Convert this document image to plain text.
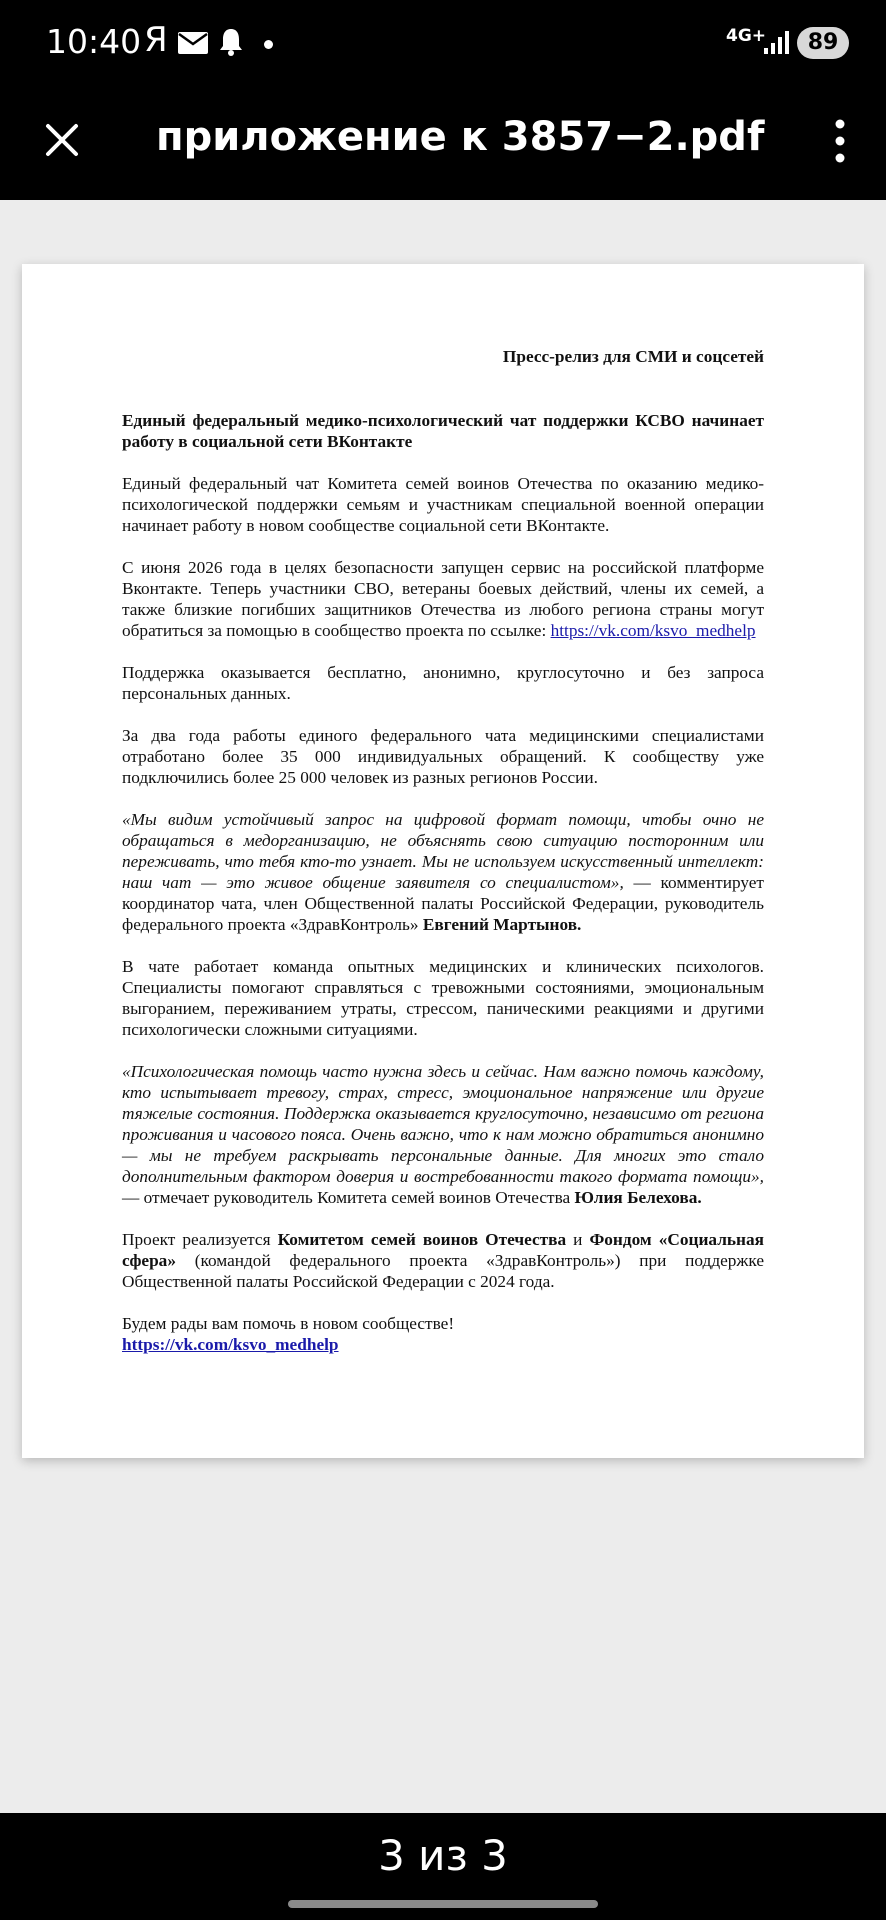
10:40 Я	4G+	89
приложение к 3857−2.pdf

Пресс-релиз для СМИ и соцсетей

Единый федеральный медико-психологический чат поддержки КСВО начинает работу в социальной сети ВКонтакте

Единый федеральный чат Комитета семей воинов Отечества по оказанию медико-психологической поддержки семьям и участникам специальной военной операции начинает работу в новом сообществе социальной сети ВКонтакте.

С июня 2026 года в целях безопасности запущен сервис на российской платформе Вконтакте. Теперь участники СВО, ветераны боевых действий, члены их семей, а также близкие погибших защитников Отечества из любого региона страны могут обратиться за помощью в сообщество проекта по ссылке: https://vk.com/ksvo_medhelp

Поддержка оказывается бесплатно, анонимно, круглосуточно и без запроса персональных данных.

За два года работы единого федерального чата медицинскими специалистами отработано более 35 000 индивидуальных обращений. К сообществу уже подключились более 25 000 человек из разных регионов России.

«Мы видим устойчивый запрос на цифровой формат помощи, чтобы очно не обращаться в медорганизацию, не объяснять свою ситуацию посторонним или переживать, что тебя кто-то узнает. Мы не используем искусственный интеллект: наш чат — это живое общение заявителя со специалистом», — комментирует координатор чата, член Общественной палаты Российской Федерации, руководитель федерального проекта «ЗдравКонтроль» Евгений Мартынов.

В чате работает команда опытных медицинских и клинических психологов. Специалисты помогают справляться с тревожными состояниями, эмоциональным выгоранием, переживанием утраты, стрессом, паническими реакциями и другими психологически сложными ситуациями.

«Психологическая помощь часто нужна здесь и сейчас. Нам важно помочь каждому, кто испытывает тревогу, страх, стресс, эмоциональное напряжение или другие тяжелые состояния. Поддержка оказывается круглосуточно, независимо от региона проживания и часового пояса. Очень важно, что к нам можно обратиться анонимно — мы не требуем раскрывать персональные данные. Для многих это стало дополнительным фактором доверия и востребованности такого формата помощи», — отмечает руководитель Комитета семей воинов Отечества Юлия Белехова.

Проект реализуется Комитетом семей воинов Отечества и Фондом «Социальная сфера» (командой федерального проекта «ЗдравКонтроль») при поддержке Общественной палаты Российской Федерации с 2024 года.

Будем рады вам помочь в новом сообществе!
https://vk.com/ksvo_medhelp
3 из 3
